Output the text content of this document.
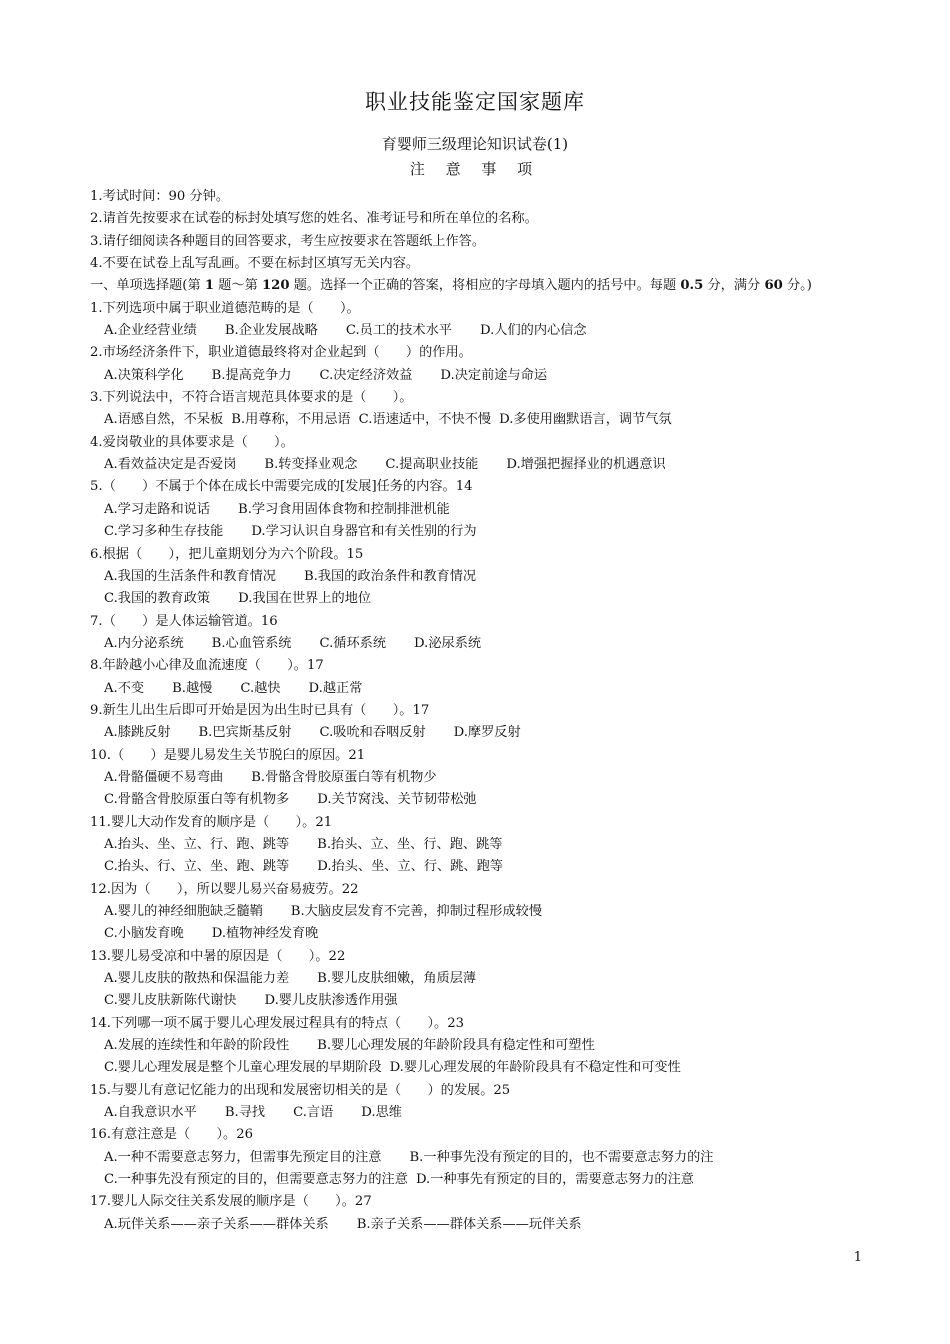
职业技能鉴定国家题库
育婴师三级理论知识试卷(1)
注 意 事 项
1.考试时间：90 分钟。
2.请首先按要求在试卷的标封处填写您的姓名、准考证号和所在单位的名称。
3.请仔细阅读各种题目的回答要求，考生应按要求在答题纸上作答。
4.不要在试卷上乱写乱画。不要在标封区填写无关内容。
一、单项选择题(第 1 题～第 120 题。选择一个正确的答案，将相应的字母填入题内的括号中。每题 0.5 分，满分 60 分。)
1.下列选项中属于职业道德范畴的是（　　）。
A.企业经营业绩 B.企业发展战略 C.员工的技术水平 D.人们的内心信念
2.市场经济条件下，职业道德最终将对企业起到（　　）的作用。
A.决策科学化 B.提高竞争力 C.决定经济效益 D.决定前途与命运
3.下列说法中，不符合语言规范具体要求的是（　　）。
A.语感自然，不呆板 B.用尊称，不用忌语 C.语速适中，不快不慢 D.多使用幽默语言，调节气氛
4.爱岗敬业的具体要求是（　　）。
A.看效益决定是否爱岗 B.转变择业观念 C.提高职业技能 D.增强把握择业的机遇意识
5.（　　）不属于个体在成长中需要完成的[发展]任务的内容。14
A.学习走路和说话 B.学习食用固体食物和控制排泄机能
C.学习多种生存技能 D.学习认识自身器官和有关性别的行为
6.根据（　　），把儿童期划分为六个阶段。15
A.我国的生活条件和教育情况 B.我国的政治条件和教育情况
C.我国的教育政策 D.我国在世界上的地位
7.（　　）是人体运输管道。16
A.内分泌系统 B.心血管系统 C.循环系统 D.泌尿系统
8.年龄越小心律及血流速度（　　）。17
A.不变 B.越慢 C.越快 D.越正常
9.新生儿出生后即可开始是因为出生时已具有（　　）。17
A.膝跳反射 B.巴宾斯基反射 C.吸吮和吞咽反射 D.摩罗反射
10.（　　）是婴儿易发生关节脱臼的原因。21
A.骨骼僵硬不易弯曲 B.骨骼含骨胶原蛋白等有机物少
C.骨骼含骨胶原蛋白等有机物多 D.关节窝浅、关节韧带松弛
11.婴儿大动作发育的顺序是（　　）。21
A.抬头、坐、立、行、跑、跳等 B.抬头、立、坐、行、跑、跳等
C.抬头、行、立、坐、跑、跳等 D.抬头、坐、立、行、跳、跑等
12.因为（　　），所以婴儿易兴奋易疲劳。22
A.婴儿的神经细胞缺乏髓鞘 B.大脑皮层发育不完善，抑制过程形成较慢
C.小脑发育晚 D.植物神经发育晚
13.婴儿易受凉和中暑的原因是（　　）。22
A.婴儿皮肤的散热和保温能力差 B.婴儿皮肤细嫩，角质层薄
C.婴儿皮肤新陈代谢快 D.婴儿皮肤渗透作用强
14.下列哪一项不属于婴儿心理发展过程具有的特点（　　）。23
A.发展的连续性和年龄的阶段性 B.婴儿心理发展的年龄阶段具有稳定性和可塑性
C.婴儿心理发展是整个儿童心理发展的早期阶段 D.婴儿心理发展的年龄阶段具有不稳定性和可变性
15.与婴儿有意记忆能力的出现和发展密切相关的是（　　）的发展。25
A.自我意识水平 B.寻找 C.言语 D.思维
16.有意注意是（　　）。26
A.一种不需要意志努力，但需事先预定目的注意 B.一种事先没有预定的目的，也不需要意志努力的注
C.一种事先没有预定的目的，但需要意志努力的注意 D.一种事先有预定的目的，需要意志努力的注意
17.婴儿人际交往关系发展的顺序是（　　）。27
A.玩伴关系——亲子关系——群体关系 B.亲子关系——群体关系——玩伴关系
1
